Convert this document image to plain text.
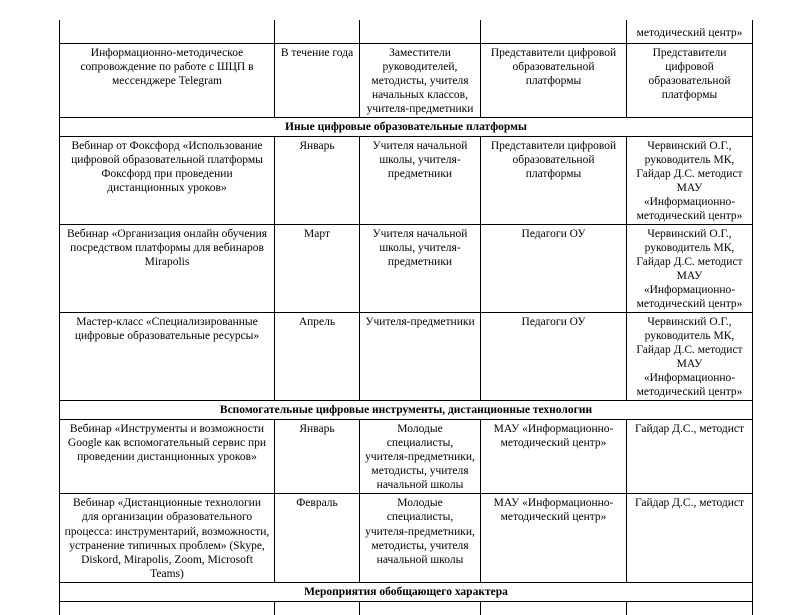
				методический центр»
Информационно-методическое сопровождение по работе с ШЦП в мессенджере Telegram	В течение года	Заместители руководителей, методисты, учителя начальных классов, учителя-предметники	Представители цифровой образовательной платформы	Представители цифровой образовательной платформы
Иные цифровые образовательные платформы				
Вебинар от Фоксфорд «Использование цифровой образовательной платформы Фоксфорд при проведении дистанционных уроков»	Январь	Учителя начальной школы, учителя-предметники	Представители цифровой образовательной платформы	Червинский О.Г., руководитель МК, Гайдар Д.С. методист МАУ «Информационно-методический центр»
Вебинар «Организация онлайн обучения посредством платформы для вебинаров Mirapolis	Март	Учителя начальной школы, учителя-предметники	Педагоги ОУ	Червинский О.Г., руководитель МК, Гайдар Д.С. методист МАУ «Информационно-методический центр»
Мастер-класс «Специализированные цифровые образовательные ресурсы»	Апрель	Учителя-предметники	Педагоги ОУ	Червинский О.Г., руководитель МК, Гайдар Д.С. методист МАУ «Информационно-методический центр»
Вспомогательные цифровые инструменты, дистанционные технологии				
Вебинар «Инструменты и возможности Google как вспомогательный сервис при проведении дистанционных уроков»	Январь	Молодые специалисты, учителя-предметники, методисты, учителя начальной школы	МАУ «Информационно-методический центр»	Гайдар Д.С., методист
Вебинар «Дистанционные технологии для организации образовательного процесса: инструментарий, возможности, устранение типичных проблем» (Skype, Diskord, Mirapolis, Zoom, Microsoft Teams)	Февраль	Молодые специалисты, учителя-предметники, методисты, учителя начальной школы	МАУ «Информационно-методический центр»	Гайдар Д.С., методист
Мероприятия обобщающего характера				
